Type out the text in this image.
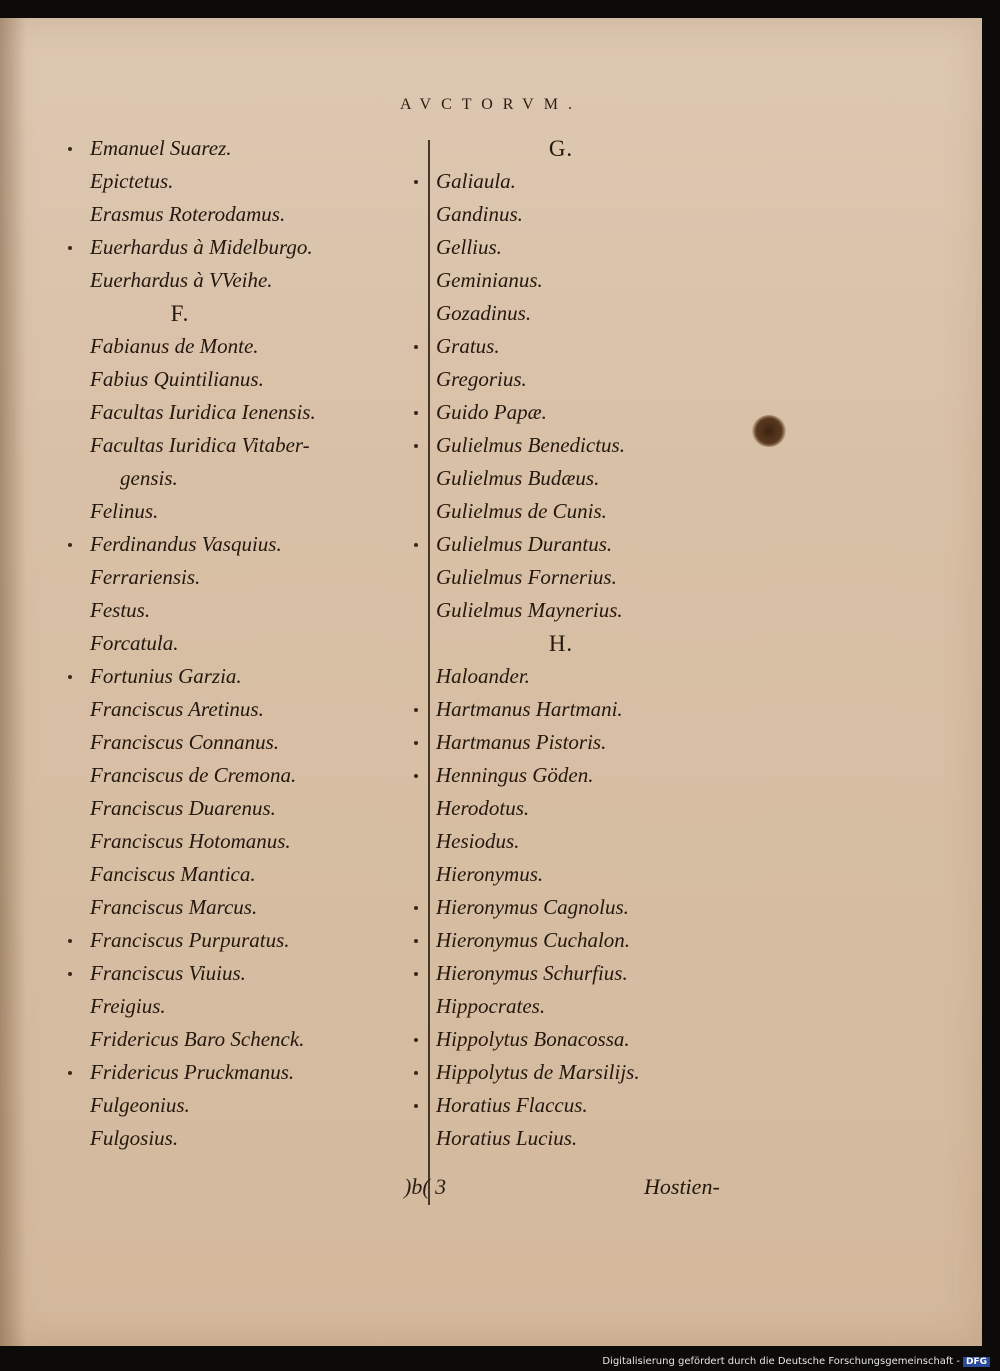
AVCTORVM.
Emanuel Suarez.
Epictetus.
Erasmus Roterodamus.
Euerhardus à Midelburgo.
Euerhardus à VVeihe.
F.
Fabianus de Monte.
Fabius Quintilianus.
Facultas Iuridica Ienensis.
Facultas Iuridica Vitaber-
gensis.
Felinus.
Ferdinandus Vasquius.
Ferrariensis.
Festus.
Forcatula.
Fortunius Garzia.
Franciscus Aretinus.
Franciscus Connanus.
Franciscus de Cremona.
Franciscus Duarenus.
Franciscus Hotomanus.
Fanciscus Mantica.
Franciscus Marcus.
Franciscus Purpuratus.
Franciscus Viuius.
Freigius.
Fridericus Baro Schenck.
Fridericus Pruckmanus.
Fulgeonius.
Fulgosius.
G.
Galiaula.
Gandinus.
Gellius.
Geminianus.
Gozadinus.
Gratus.
Gregorius.
Guido Papæ.
Gulielmus Benedictus.
Gulielmus Budæus.
Gulielmus de Cunis.
Gulielmus Durantus.
Gulielmus Fornerius.
Gulielmus Maynerius.
H.
Haloander.
Hartmanus Hartmani.
Hartmanus Pistoris.
Henningus Göden.
Herodotus.
Hesiodus.
Hieronymus.
Hieronymus Cagnolus.
Hieronymus Cuchalon.
Hieronymus Schurfius.
Hippocrates.
Hippolytus Bonacossa.
Hippolytus de Marsilijs.
Horatius Flaccus.
Horatius Lucius.
)b( 3	Hostien-
Digitalisierung gefördert durch die Deutsche Forschungsgemeinschaft - DFG
